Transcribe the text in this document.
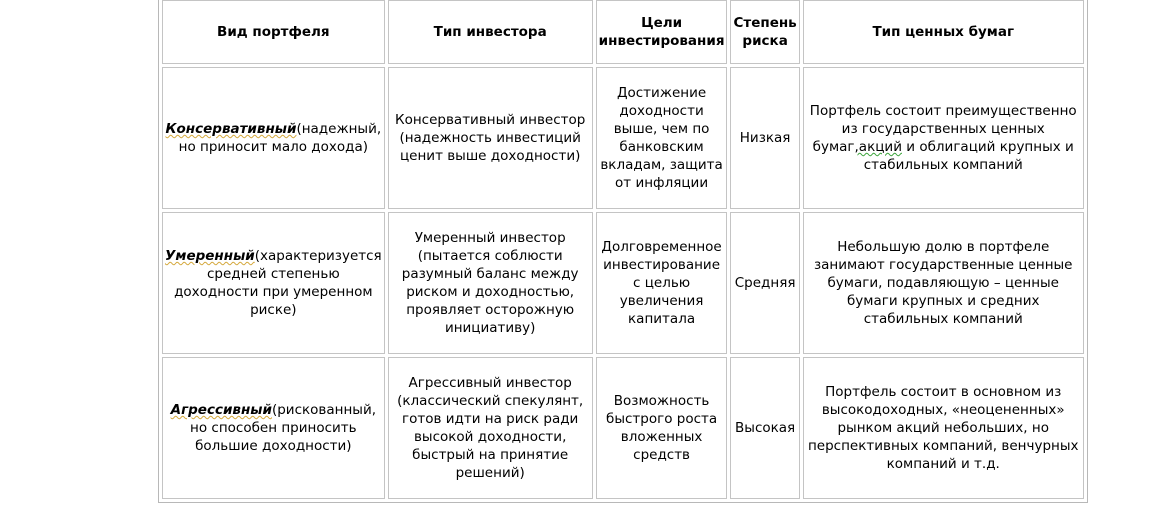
Вид портфеля	Тип инвестора	Цели инвестирования	Степень риска	Тип ценных бумаг
Консервативный(надежный, но приносит мало дохода)	Консервативный инвестор (надежность инвестиций ценит выше доходности)	Достижение доходности выше, чем по банковским вкладам, защита от инфляции	Низкая	Портфель состоит преимущественно из государственных ценных бумаг,акций и облигаций крупных и стабильных компаний
Умеренный(характеризуется средней степенью доходности при умеренном риске)	Умеренный инвестор (пытается соблюсти разумный баланс между риском и доходностью, проявляет осторожную инициативу)	Долговременное инвестирование с целью увеличения капитала	Средняя	Небольшую долю в портфеле занимают государственные ценные бумаги, подавляющую – ценные бумаги крупных и средних стабильных компаний
Агрессивный(рискованный, но способен приносить большие доходности)	Агрессивный инвестор (классический спекулянт, готов идти на риск ради высокой доходности, быстрый на принятие решений)	Возможность быстрого роста вложенных средств	Высокая	Портфель состоит в основном из высокодоходных, «неоцененных» рынком акций небольших, но перспективных компаний, венчурных компаний и т.д.
